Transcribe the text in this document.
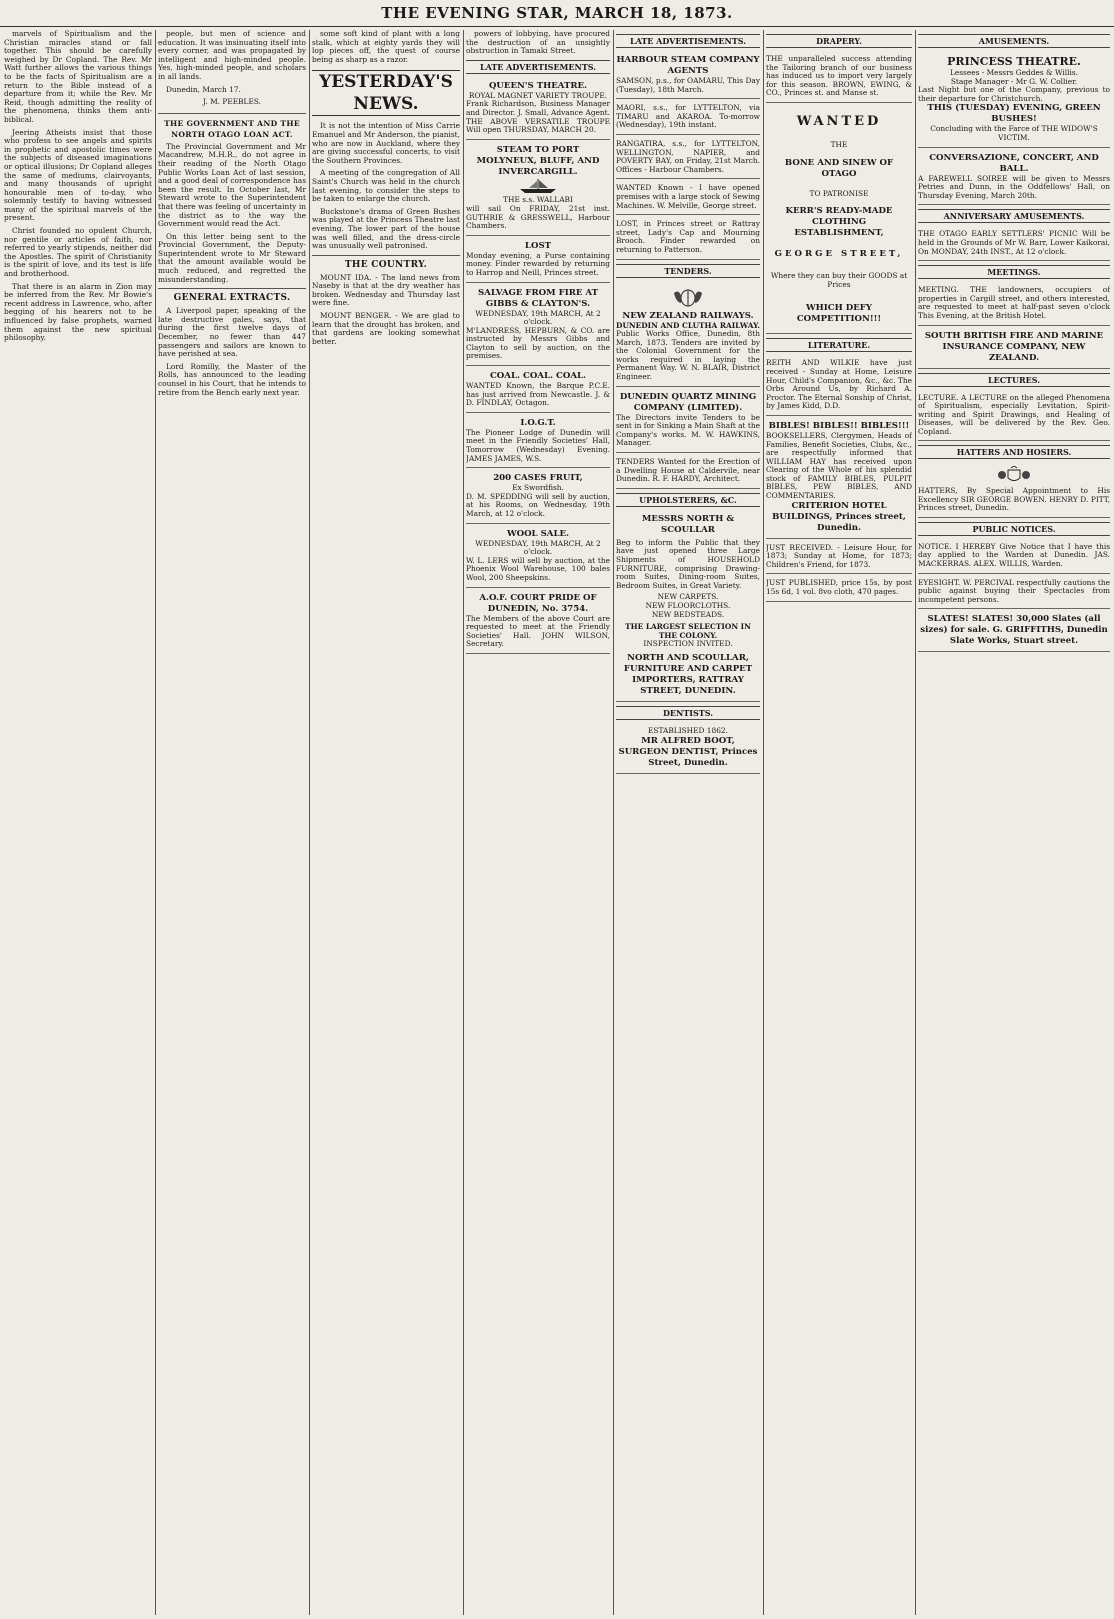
THE EVENING STAR, MARCH 18, 1873.

marvels of Spiritualism and the Christian miracles stand or fall together. This should be carefully weighed by Dr Copland. The Rev. Mr Watt further allows the various things to be the facts of Spiritualism are a return to the Bible instead of a departure from it; while the Rev. Mr Reid, though admitting the reality of the phenomena, thinks them anti-biblical.

Jeering Atheists insist that those who profess to see angels and spirits in prophetic and apostolic times were the subjects of diseased imaginations or optical illusions; Dr Copland alleges the same of mediums, clairvoyants, and many thousands of upright honourable men of to-day, who solemnly testify to having witnessed many of the spiritual marvels of the present.

Christ founded no opulent Church, nor gentile or articles of faith, nor referred to yearly stipends, neither did the Apostles. The spirit of Christianity is the spirit of love, and its test is life and brotherhood.

That there is an alarm in Zion may be inferred from the Rev. Mr Bowie's recent address in Lawrence, who, after begging of his hearers not to be influenced by false prophets, warned them against the new spiritual philosophy.

people, but men of science and education. It was insinuating itself into every corner, and was propagated by intelligent and high-minded people. Yes, high-minded people, and scholars in all lands.

Dunedin, March 17.

J. M. PEEBLES.
THE GOVERNMENT AND THE NORTH OTAGO LOAN ACT.

The Provincial Government and Mr Macandrew, M.H.R., do not agree in their reading of the North Otago Public Works Loan Act of last session, and a good deal of correspondence has been the result. In October last, Mr Steward wrote to the Superintendent that there was feeling of uncertainty in the district as to the way the Government would read the Act.

On this letter being sent to the Provincial Government, the Deputy-Superintendent wrote to Mr Steward that the amount available would be much reduced, and regretted the misunderstanding.

GENERAL EXTRACTS.

A Liverpool paper, speaking of the late destructive gales, says, that during the first twelve days of December, no fewer than 447 passengers and sailors are known to have perished at sea.

Lord Romilly, the Master of the Rolls, has announced to the leading counsel in his Court, that he intends to retire from the Bench early next year.

some soft kind of plant with a long stalk, which at eighty yards they will lop pieces off, the quest of course being as sharp as a razor.

YESTERDAY'S NEWS.

It is not the intention of Miss Carrie Emanuel and Mr Anderson, the pianist, who are now in Auckland, where they are giving successful concerts, to visit the Southern Provinces.

A meeting of the congregation of All Saint's Church was held in the church last evening, to consider the steps to be taken to enlarge the church.

Buckstone's drama of Green Bushes was played at the Princess Theatre last evening. The lower part of the house was well filled, and the dress-circle was unusually well patronised.

THE COUNTRY.

MOUNT IDA. - The land news from Naseby is that at the dry weather has broken. Wednesday and Thursday last were fine.

MOUNT BENGER. - We are glad to learn that the drought has broken, and that gardens are looking somewhat better.

powers of lobbying, have procured the destruction of an unsightly obstruction in Tamaki Street.

LATE ADVERTISEMENTS.
QUEEN'S THEATRE.
ROYAL MAGNET VARIETY TROUPE.
Frank Richardson, Business Manager and Director. J. Small, Advance Agent. THE ABOVE VERSATILE TROUPE Will open THURSDAY, MARCH 20.
STEAM TO PORT MOLYNEUX, BLUFF, AND INVERCARGILL.
THE s.s. WALLABI
will sail On FRIDAY, 21st inst. GUTHRIE & GRESSWELL, Harbour Chambers.
LOST
Monday evening, a Purse containing money. Finder rewarded by returning to Harrop and Neill, Princes street.
SALVAGE FROM FIRE AT GIBBS & CLAYTON'S.
WEDNESDAY, 19th MARCH, At 2 o'clock.
M'LANDRESS, HEPBURN, & CO. are instructed by Messrs Gibbs and Clayton to sell by auction, on the premises.
COAL. COAL. COAL.
WANTED Known, the Barque P.C.E. has just arrived from Newcastle. J. & D. FINDLAY, Octagon.
I.O.G.T.
The Pioneer Lodge of Dunedin will meet in the Friendly Societies' Hall, Tomorrow (Wednesday) Evening. JAMES JAMES, W.S.
200 CASES FRUIT,
Ex Swordfish.
D. M. SPEDDING will sell by auction, at his Rooms, on Wednesday, 19th March, at 12 o'clock.
WOOL SALE.
WEDNESDAY, 19th MARCH, At 2 o'clock.
W. L. LERS will sell by auction, at the Phoenix Wool Warehouse, 100 bales Wool, 200 Sheepskins.
A.O.F. COURT PRIDE OF DUNEDIN, No. 3754.
The Members of the above Court are requested to meet at the Friendly Societies' Hall. JOHN WILSON, Secretary.
LATE ADVERTISEMENTS.
HARBOUR STEAM COMPANY AGENTS
SAMSON, p.s., for OAMARU, This Day (Tuesday), 18th March.
MAORI, s.s., for LYTTELTON, via TIMARU and AKAROA. To-morrow (Wednesday), 19th instant.
RANGATIRA, s.s., for LYTTELTON, WELLINGTON, NAPIER, and POVERTY BAY, on Friday, 21st March. Offices - Harbour Chambers.
WANTED Known - I have opened premises with a large stock of Sewing Machines. W. Melville, George street.
LOST, in Princes street or Rattray street, Lady's Cap and Mourning Brooch. Finder rewarded on returning to Patterson.
TENDERS.
NEW ZEALAND RAILWAYS.
DUNEDIN AND CLUTHA RAILWAY.
Public Works Office, Dunedin, 8th March, 1873. Tenders are invited by the Colonial Government for the works required in laying the Permanent Way. W. N. BLAIR, District Engineer.
DUNEDIN QUARTZ MINING COMPANY (LIMITED).
The Directors invite Tenders to be sent in for Sinking a Main Shaft at the Company's works. M. W. HAWKINS, Manager.
TENDERS Wanted for the Erection of a Dwelling House at Caldervile, near Dunedin. R. F. HARDY, Architect.
UPHOLSTERERS, &C.
MESSRS NORTH & SCOULLAR
Beg to inform the Public that they have just opened three Large Shipments of HOUSEHOLD FURNITURE, comprising Drawing-room Suites, Dining-room Suites, Bedroom Suites, in Great Variety.
NEW CARPETS.
NEW FLOORCLOTHS.
NEW BEDSTEADS.
THE LARGEST SELECTION IN THE COLONY.
INSPECTION INVITED.
NORTH AND SCOULLAR, FURNITURE AND CARPET IMPORTERS, RATTRAY STREET, DUNEDIN.
DENTISTS.
ESTABLISHED 1862.
MR ALFRED BOOT, SURGEON DENTIST, Princes Street, Dunedin.
DRAPERY.
THE unparalleled success attending the Tailoring branch of our business has induced us to import very largely for this season. BROWN, EWING, & CO., Princes st. and Manse st.
WANTED
THE
BONE AND SINEW OF OTAGO
TO PATRONISE
KERR'S READY-MADE CLOTHING ESTABLISHMENT,
GEORGE STREET,
Where they can buy their GOODS at Prices
WHICH DEFY COMPETITION!!!
LITERATURE.
REITH AND WILKIE have just received - Sunday at Home, Leisure Hour, Child's Companion, &c., &c. The Orbs Around Us, by Richard A. Proctor. The Eternal Sonship of Christ, by James Kidd, D.D.
BIBLES! BIBLES!! BIBLES!!!
BOOKSELLERS, Clergymen, Heads of Families, Benefit Societies, Clubs, &c., are respectfully informed that WILLIAM HAY has received upon Clearing of the Whole of his splendid stock of FAMILY BIBLES, PULPIT BIBLES, PEW BIBLES, AND COMMENTARIES.
CRITERION HOTEL BUILDINGS, Princes street, Dunedin.
JUST RECEIVED. - Leisure Hour, for 1873; Sunday at Home, for 1873; Children's Friend, for 1873.
JUST PUBLISHED, price 15s, by post 15s 6d, 1 vol. 8vo cloth, 470 pages.
AMUSEMENTS.
PRINCESS THEATRE.
Lessees - Messrs Geddes & Willis.
Stage Manager - Mr G. W. Collier.
Last Night but one of the Company, previous to their departure for Christchurch.
THIS (TUESDAY) EVENING, GREEN BUSHES!
Concluding with the Farce of THE WIDOW'S VICTIM.
CONVERSAZIONE, CONCERT, AND BALL.
A FAREWELL SOIREE will be given to Messrs Petries and Dunn, in the Oddfellows' Hall, on Thursday Evening, March 20th.
ANNIVERSARY AMUSEMENTS.
THE OTAGO EARLY SETTLERS' PICNIC Will be held in the Grounds of Mr W. Barr, Lower Kaikorai, On MONDAY, 24th INST., At 12 o'clock.
MEETINGS.
MEETING. THE landowners, occupiers of properties in Cargill street, and others interested, are requested to meet at half-past seven o'clock This Evening, at the British Hotel.
SOUTH BRITISH FIRE AND MARINE INSURANCE COMPANY, NEW ZEALAND.
LECTURES.
LECTURE. A LECTURE on the alleged Phenomena of Spiritualism, especially Levitation, Spirit-writing and Spirit Drawings, and Healing of Diseases, will be delivered by the Rev. Geo. Copland.
HATTERS AND HOSIERS.
HATTERS, By Special Appointment to His Excellency SIR GEORGE BOWEN. HENRY D. PITT, Princes street, Dunedin.
PUBLIC NOTICES.
NOTICE. I HEREBY Give Notice that I have this day applied to the Warden at Dunedin. JAS. MACKERRAS. ALEX. WILLIS, Warden.
EYESIGHT. W. PERCIVAL respectfully cautions the public against buying their Spectacles from incompetent persons.
SLATES! SLATES! 30,000 Slates (all sizes) for sale. G. GRIFFITHS, Dunedin Slate Works, Stuart street.
